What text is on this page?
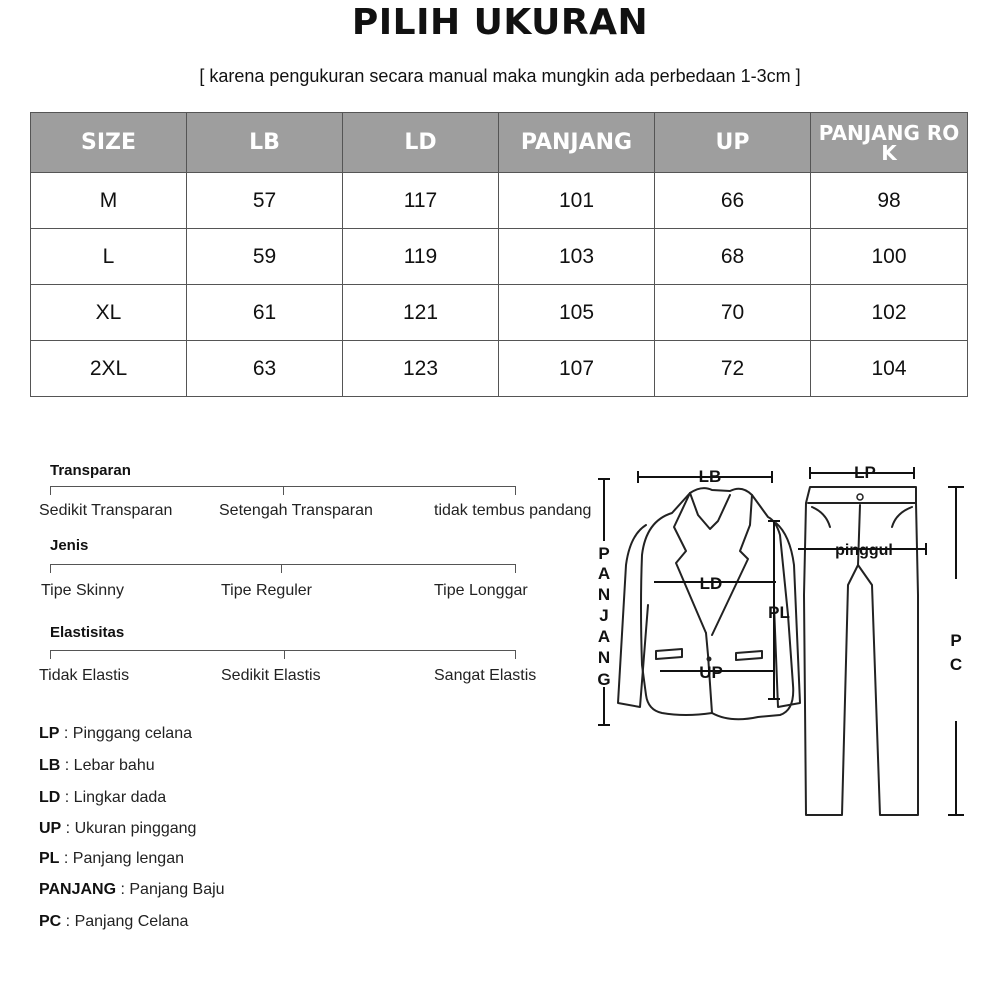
PILIH UKURAN
[ karena pengukuran secara manual maka mungkin ada perbedaan 1-3cm ]
SIZE	LB	LD	PANJANG	UP	PANJANG ROK
M	57	117	101	66	98
L	59	119	103	68	100
XL	61	121	105	70	102
2XL	63	123	107	72	104
Transparan
Sedikit Transparan	Setengah Transparan	tidak tembus pandang
Jenis
Tipe Skinny	Tipe Reguler	Tipe Longgar
Elastisitas
Tidak Elastis	Sedikit Elastis	Sangat Elastis
LP : Pinggang celana
LB : Lebar bahu
LD : Lingkar dada
UP : Ukuran pinggang
PL : Panjang lengan
PANJANG : Panjang Baju
PC : Panjang Celana
LB	LP
LD
UP
PL
pinggul
P
A
N
J
A
N
G
P
C
